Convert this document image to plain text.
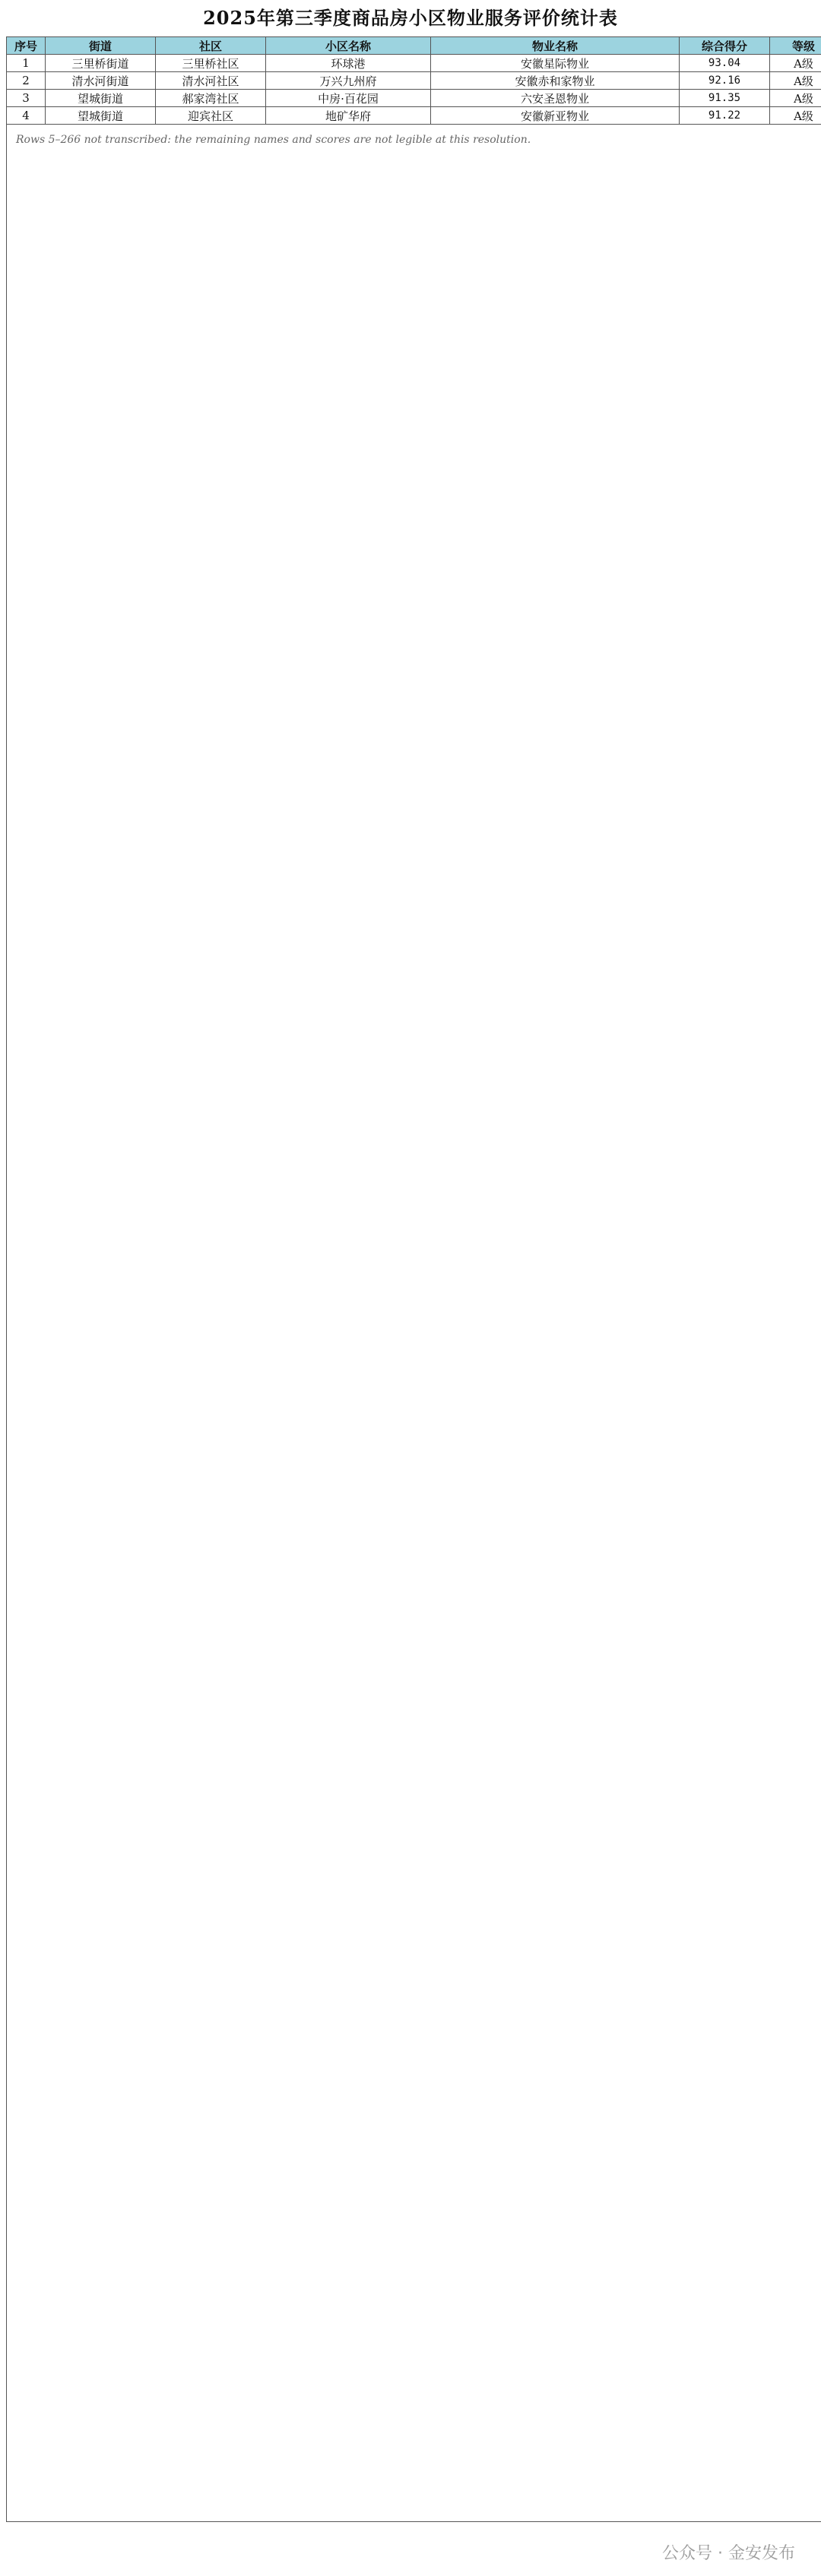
2025年第三季度商品房小区物业服务评价统计表
序号	街道	社区	小区名称	物业名称	综合得分	等级
1	三里桥街道	三里桥社区	环球港	安徽星际物业	93.04	A级
2	清水河街道	清水河社区	万兴九州府	安徽赤和家物业	92.16	A级
3	望城街道	郝家湾社区	中房·百花园	六安圣恩物业	91.35	A级
4	望城街道	迎宾社区	地矿华府	安徽新亚物业	91.22	A级
Rows 5–266 not transcribed: the remaining names and scores are not legible at this resolution.						
公众号 · 金安发布
